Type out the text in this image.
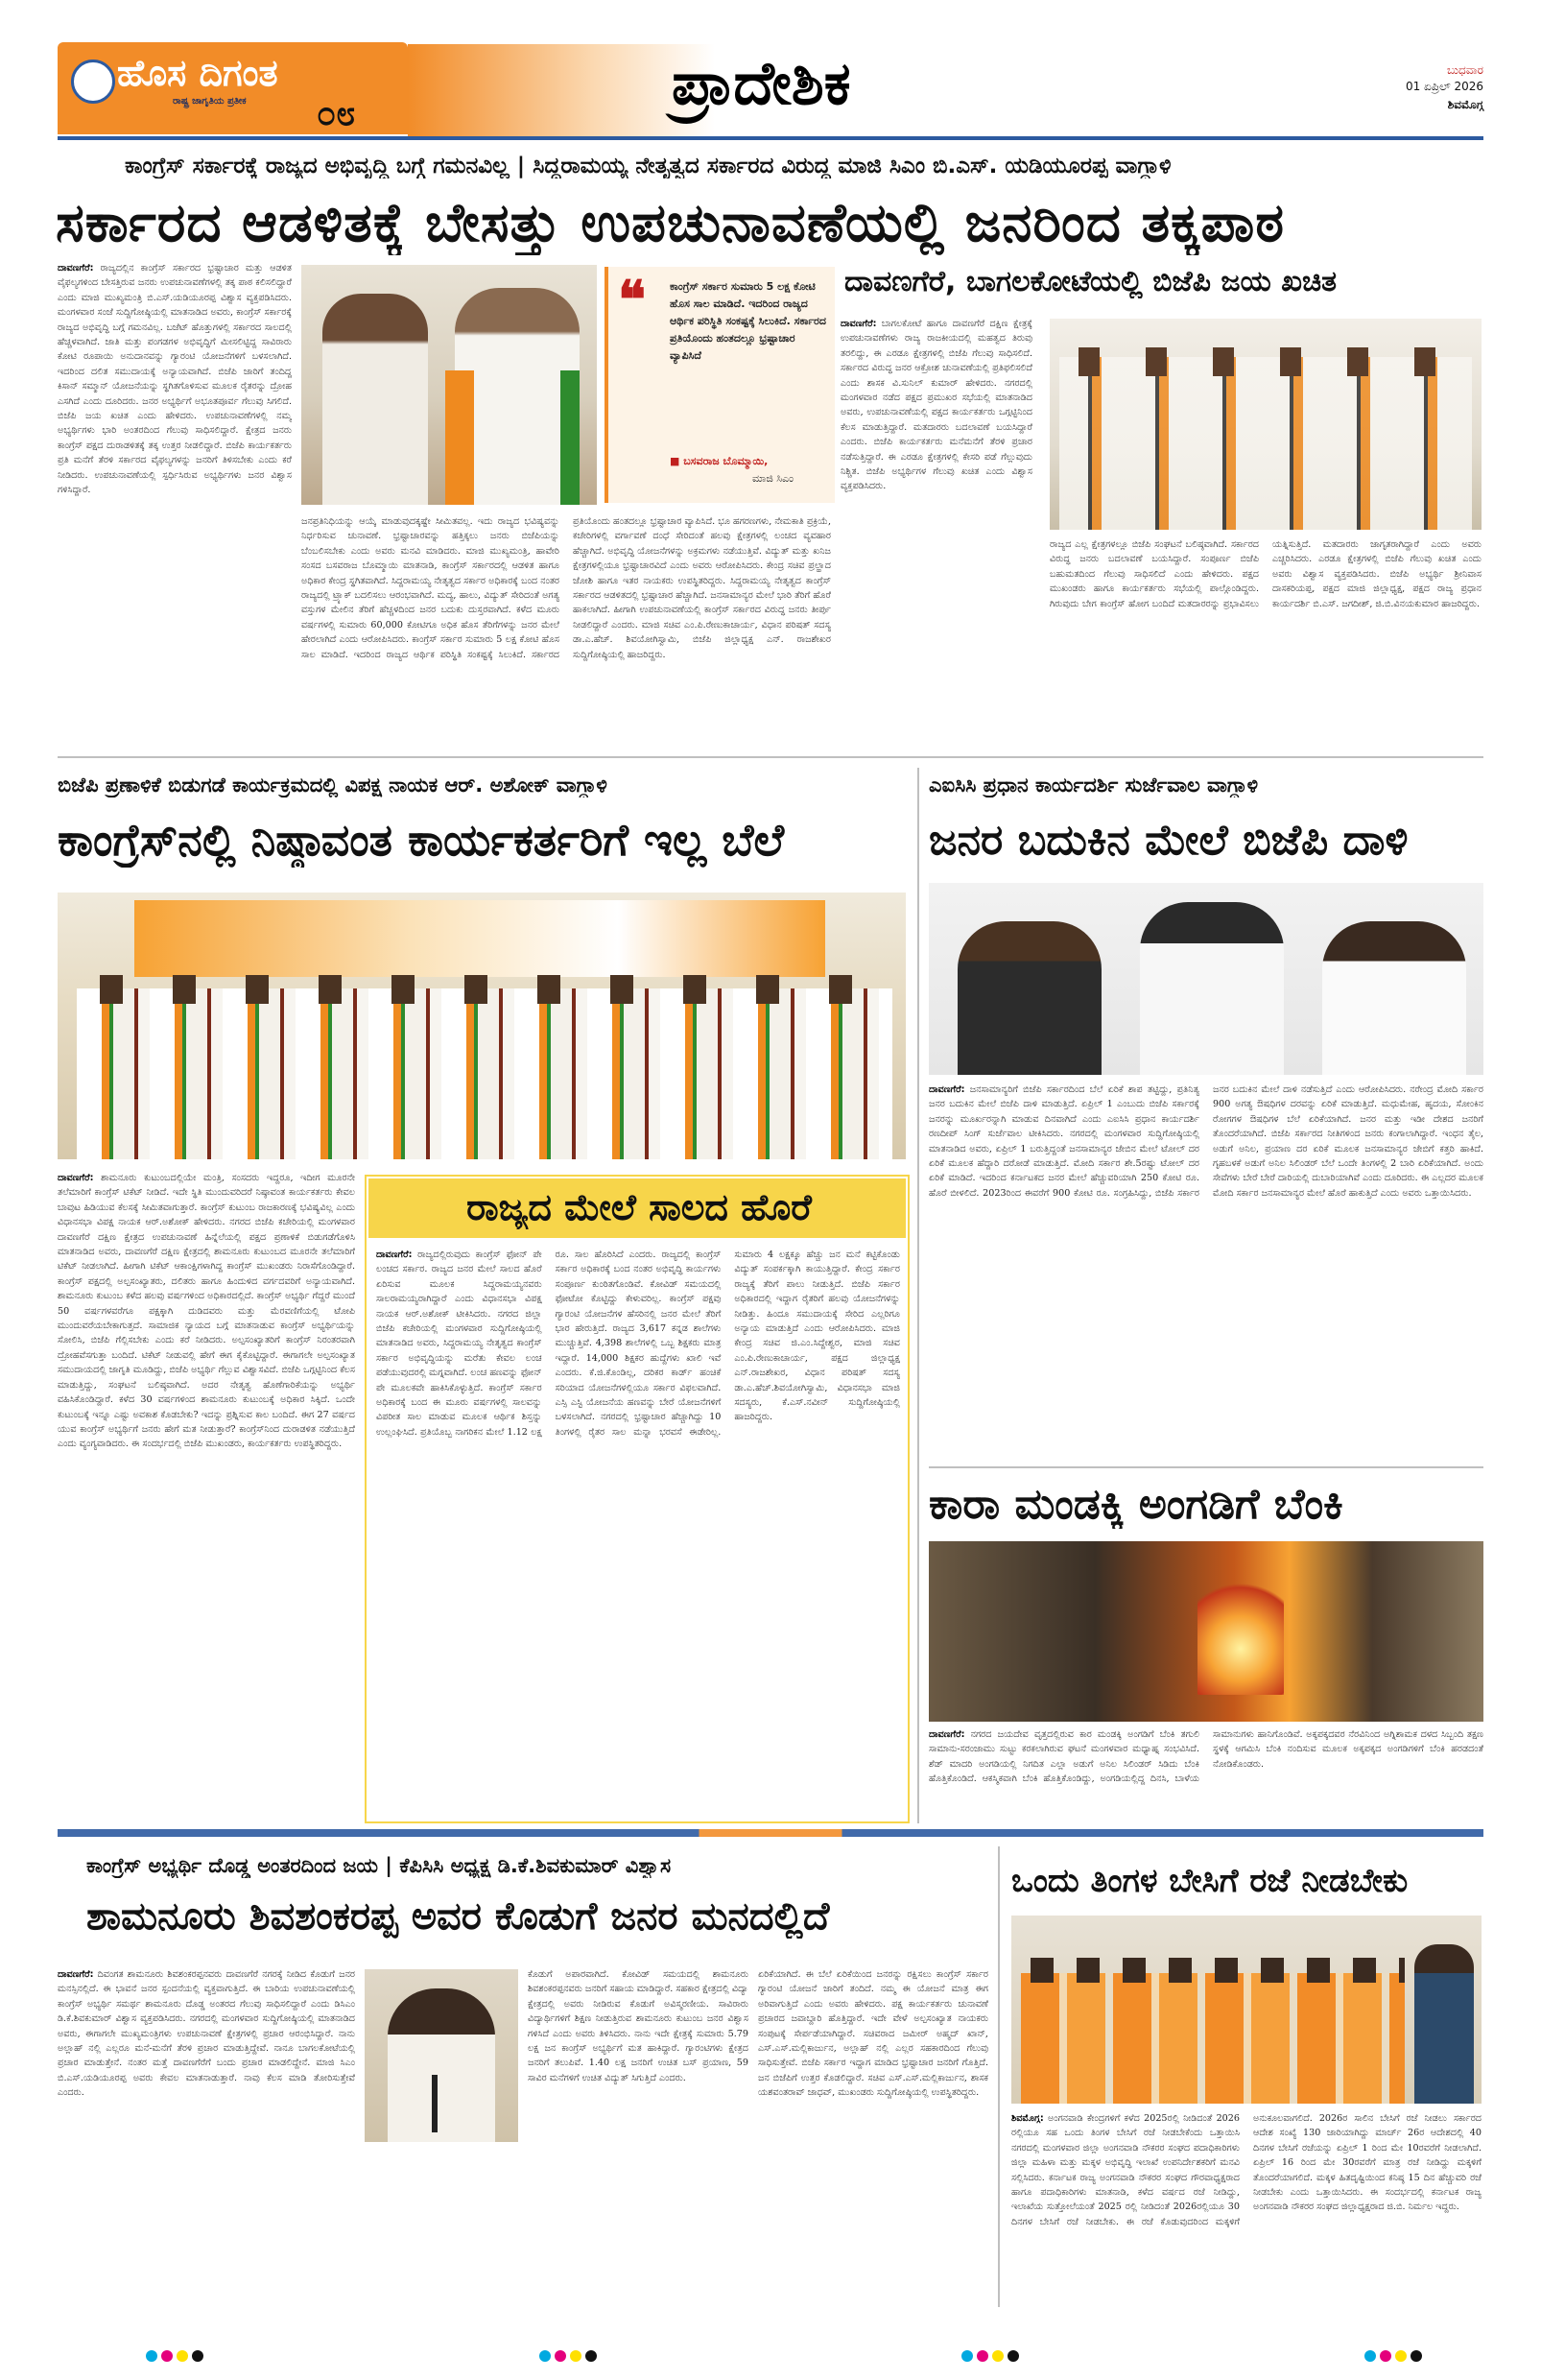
ಹೊಸ ದಿಗಂತ
ರಾಷ್ಟ್ರ ಜಾಗೃತಿಯ ಪ್ರತೀಕ ೦೮	ಪ್ರಾದೇಶಿಕ	ಬುಧವಾರ
01 ಏಪ್ರಿಲ್ 2026
ಶಿವಮೊಗ್ಗ
ಕಾಂಗ್ರೆಸ್ ಸರ್ಕಾರಕ್ಕೆ ರಾಜ್ಯದ ಅಭಿವೃದ್ಧಿ ಬಗ್ಗೆ ಗಮನವಿಲ್ಲ | ಸಿದ್ದರಾಮಯ್ಯ ನೇತೃತ್ವದ ಸರ್ಕಾರದ ವಿರುದ್ಧ ಮಾಜಿ ಸಿಎಂ ಬಿ.ಎಸ್. ಯಡಿಯೂರಪ್ಪ ವಾಗ್ದಾಳಿ
ಸರ್ಕಾರದ ಆಡಳಿತಕ್ಕೆ ಬೇಸತ್ತು ಉಪಚುನಾವಣೆಯಲ್ಲಿ ಜನರಿಂದ ತಕ್ಕಪಾಠ
ದಾವಣಗೆರೆ: ರಾಜ್ಯದಲ್ಲಿನ ಕಾಂಗ್ರೆಸ್ ಸರ್ಕಾರದ ಭ್ರಷ್ಟಾಚಾರ ಮತ್ತು ಆಡಳಿತ ವೈಫಲ್ಯಗಳಿಂದ ಬೇಸತ್ತಿರುವ ಜನರು ಉಪಚುನಾವಣೆಗಳಲ್ಲಿ ತಕ್ಕ ಪಾಠ ಕಲಿಸಲಿದ್ದಾರೆ ಎಂದು ಮಾಜಿ ಮುಖ್ಯಮಂತ್ರಿ ಬಿ.ಎಸ್.ಯಡಿಯೂರಪ್ಪ ವಿಶ್ವಾಸ ವ್ಯಕ್ತಪಡಿಸಿದರು. ಮಂಗಳವಾರ ಸಂಜೆ ಸುದ್ದಿಗೋಷ್ಠಿಯಲ್ಲಿ ಮಾತನಾಡಿದ ಅವರು, ಕಾಂಗ್ರೆಸ್ ಸರ್ಕಾರಕ್ಕೆ ರಾಜ್ಯದ ಅಭಿವೃದ್ಧಿ ಬಗ್ಗೆ ಗಮನವಿಲ್ಲ. ಬಜೆಟ್ ಹೊತ್ತುಗಳಲ್ಲಿ ಸರ್ಕಾರದ ಸಾಲದಲ್ಲಿ ಹೆಚ್ಚಳವಾಗಿದೆ. ಜಾತಿ ಮತ್ತು ಪಂಗಡಗಳ ಅಭಿವೃದ್ಧಿಗೆ ಮೀಸಲಿಟ್ಟಿದ್ದ ಸಾವಿರಾರು ಕೋಟಿ ರೂಪಾಯಿ ಅನುದಾನವನ್ನು ಗ್ಯಾರಂಟಿ ಯೋಜನೆಗಳಿಗೆ ಬಳಸಲಾಗಿದೆ. ಇದರಿಂದ ದಲಿತ ಸಮುದಾಯಕ್ಕೆ ಅನ್ಯಾಯವಾಗಿದೆ. ಬಿಜೆಪಿ ಜಾರಿಗೆ ತಂದಿದ್ದ ಕಿಸಾನ್ ಸಮ್ಮಾನ್ ಯೋಜನೆಯನ್ನು ಸ್ಥಗಿತಗೊಳಿಸುವ ಮೂಲಕ ರೈತರನ್ನು ದ್ರೋಹ ಎಸಗಿದೆ ಎಂದು ದೂರಿದರು. ಜನರ ಅಭ್ಯರ್ಥಿಗೆ ಅಭೂತಪೂರ್ವ ಗೆಲುವು ಸಿಗಲಿದೆ. ಬಿಜೆಪಿ ಜಯ ಖಚಿತ ಎಂದು ಹೇಳಿದರು. ಉಪಚುನಾವಣೆಗಳಲ್ಲಿ ನಮ್ಮ ಅಭ್ಯರ್ಥಿಗಳು ಭಾರಿ ಅಂತರದಿಂದ ಗೆಲುವು ಸಾಧಿಸಲಿದ್ದಾರೆ. ಕ್ಷೇತ್ರದ ಜನರು ಕಾಂಗ್ರೆಸ್ ಪಕ್ಷದ ದುರಾಡಳಿತಕ್ಕೆ ತಕ್ಕ ಉತ್ತರ ನೀಡಲಿದ್ದಾರೆ. ಬಿಜೆಪಿ ಕಾರ್ಯಕರ್ತರು ಪ್ರತಿ ಮನೆಗೆ ತೆರಳಿ ಸರ್ಕಾರದ ವೈಫಲ್ಯಗಳನ್ನು ಜನರಿಗೆ ತಿಳಿಸಬೇಕು ಎಂದು ಕರೆ ನೀಡಿದರು. ಉಪಚುನಾವಣೆಯಲ್ಲಿ ಸ್ಪರ್ಧಿಸಿರುವ ಅಭ್ಯರ್ಥಿಗಳು ಜನರ ವಿಶ್ವಾಸ ಗಳಿಸಿದ್ದಾರೆ.
❝ ಕಾಂಗ್ರೆಸ್ ಸರ್ಕಾರ ಸುಮಾರು 5 ಲಕ್ಷ ಕೋಟಿ ಹೊಸ ಸಾಲ ಮಾಡಿದೆ. ಇದರಿಂದ ರಾಜ್ಯದ ಆರ್ಥಿಕ ಪರಿಸ್ಥಿತಿ ಸಂಕಷ್ಟಕ್ಕೆ ಸಿಲುಕಿದೆ. ಸರ್ಕಾರದ ಪ್ರತಿಯೊಂದು ಹಂತದಲ್ಲೂ ಭ್ರಷ್ಟಾಚಾರ ವ್ಯಾಪಿಸಿದೆ
■ ಬಸವರಾಜ ಬೊಮ್ಮಾಯಿ,
ಮಾಜಿ ಸಿಎಂ
ಜನಪ್ರತಿನಿಧಿಯನ್ನು ಆಯ್ಕೆ ಮಾಡುವುದಕ್ಕಷ್ಟೇ ಸೀಮಿತವಲ್ಲ. ಇದು ರಾಜ್ಯದ ಭವಿಷ್ಯವನ್ನು ನಿರ್ಧರಿಸುವ ಚುನಾವಣೆ. ಭ್ರಷ್ಟಾಚಾರವನ್ನು ಹತ್ತಿಕ್ಕಲು ಜನರು ಬಿಜೆಪಿಯನ್ನು ಬೆಂಬಲಿಸಬೇಕು ಎಂದು ಅವರು ಮನವಿ ಮಾಡಿದರು. ಮಾಜಿ ಮುಖ್ಯಮಂತ್ರಿ, ಹಾವೇರಿ ಸಂಸದ ಬಸವರಾಜ ಬೊಮ್ಮಾಯಿ ಮಾತನಾಡಿ, ಕಾಂಗ್ರೆಸ್ ಸರ್ಕಾರದಲ್ಲಿ ಆಡಳಿತ ಹಾಗೂ ಅಧಿಕಾರ ಕೇಂದ್ರ ಸ್ಥಗಿತವಾಗಿದೆ. ಸಿದ್ದರಾಮಯ್ಯ ನೇತೃತ್ವದ ಸರ್ಕಾರ ಅಧಿಕಾರಕ್ಕೆ ಬಂದ ನಂತರ ರಾಜ್ಯದಲ್ಲಿ ಟ್ರ್ಯಾಕ್ ಬದಲಿಸಲು ಆರಂಭವಾಗಿದೆ. ಮದ್ಯ, ಹಾಲು, ವಿದ್ಯುತ್ ಸೇರಿದಂತೆ ಅಗತ್ಯ ವಸ್ತುಗಳ ಮೇಲಿನ ತೆರಿಗೆ ಹೆಚ್ಚಳದಿಂದ ಜನರ ಬದುಕು ದುಸ್ತರವಾಗಿದೆ. ಕಳೆದ ಮೂರು ವರ್ಷಗಳಲ್ಲಿ ಸುಮಾರು 60,000 ಕೋಟಿಗೂ ಅಧಿಕ ಹೊಸ ತೆರಿಗೆಗಳನ್ನು ಜನರ ಮೇಲೆ ಹೇರಲಾಗಿದೆ ಎಂದು ಆರೋಪಿಸಿದರು. ಕಾಂಗ್ರೆಸ್ ಸರ್ಕಾರ ಸುಮಾರು 5 ಲಕ್ಷ ಕೋಟಿ ಹೊಸ ಸಾಲ ಮಾಡಿದೆ. ಇದರಿಂದ ರಾಜ್ಯದ ಆರ್ಥಿಕ ಪರಿಸ್ಥಿತಿ ಸಂಕಷ್ಟಕ್ಕೆ ಸಿಲುಕಿದೆ. ಸರ್ಕಾರದ ಪ್ರತಿಯೊಂದು ಹಂತದಲ್ಲೂ ಭ್ರಷ್ಟಾಚಾರ ವ್ಯಾಪಿಸಿದೆ. ಭೂ ಹಗರಣಗಳು, ನೇಮಕಾತಿ ಪ್ರಕ್ರಿಯೆ, ಕಚೇರಿಗಳಲ್ಲಿ ವರ್ಗಾವಣೆ ದಂಧೆ ಸೇರಿದಂತೆ ಹಲವು ಕ್ಷೇತ್ರಗಳಲ್ಲಿ ಲಂಚದ ವ್ಯವಹಾರ ಹೆಚ್ಚಾಗಿದೆ. ಅಭಿವೃದ್ಧಿ ಯೋಜನೆಗಳನ್ನು ಅಕ್ರಮಗಳು ನಡೆಯುತ್ತಿವೆ. ವಿದ್ಯುತ್ ಮತ್ತು ಖನಿಜ ಕ್ಷೇತ್ರಗಳಲ್ಲಿಯೂ ಭ್ರಷ್ಟಾಚಾರವಿದೆ ಎಂದು ಅವರು ಆರೋಪಿಸಿದರು. ಕೇಂದ್ರ ಸಚಿವ ಪ್ರಲ್ಹಾದ ಜೋಶಿ ಹಾಗೂ ಇತರ ನಾಯಕರು ಉಪಸ್ಥಿತರಿದ್ದರು. ಸಿದ್ದರಾಮಯ್ಯ ನೇತೃತ್ವದ ಕಾಂಗ್ರೆಸ್ ಸರ್ಕಾರದ ಆಡಳಿತದಲ್ಲಿ ಭ್ರಷ್ಟಾಚಾರ ಹೆಚ್ಚಾಗಿದೆ. ಜನಸಾಮಾನ್ಯರ ಮೇಲೆ ಭಾರಿ ತೆರಿಗೆ ಹೊರೆ ಹಾಕಲಾಗಿದೆ. ಹೀಗಾಗಿ ಉಪಚುನಾವಣೆಯಲ್ಲಿ ಕಾಂಗ್ರೆಸ್ ಸರ್ಕಾರದ ವಿರುದ್ಧ ಜನರು ತೀರ್ಪು ನೀಡಲಿದ್ದಾರೆ ಎಂದರು. ಮಾಜಿ ಸಚಿವ ಎಂ.ಪಿ.ರೇಣುಕಾಚಾರ್ಯ, ವಿಧಾನ ಪರಿಷತ್ ಸದಸ್ಯ ಡಾ.ಎ.ಹೆಚ್. ಶಿವಯೋಗಿಸ್ವಾಮಿ, ಬಿಜೆಪಿ ಜಿಲ್ಲಾಧ್ಯಕ್ಷ ಎನ್. ರಾಜಶೇಖರ ಸುದ್ದಿಗೋಷ್ಠಿಯಲ್ಲಿ ಹಾಜರಿದ್ದರು.
ದಾವಣಗೆರೆ, ಬಾಗಲಕೋಟೆಯಲ್ಲಿ ಬಿಜೆಪಿ ಜಯ ಖಚಿತ
ದಾವಣಗೆರೆ: ಬಾಗಲಕೋಟೆ ಹಾಗೂ ದಾವಣಗೆರೆ ದಕ್ಷಿಣ ಕ್ಷೇತ್ರಕ್ಕೆ ಉಪಚುನಾವಣೆಗಳು ರಾಜ್ಯ ರಾಜಕೀಯದಲ್ಲಿ ಮಹತ್ವದ ತಿರುವು ತರಲಿದ್ದು, ಈ ಎರಡೂ ಕ್ಷೇತ್ರಗಳಲ್ಲಿ ಬಿಜೆಪಿ ಗೆಲುವು ಸಾಧಿಸಲಿದೆ. ಸರ್ಕಾರದ ವಿರುದ್ಧ ಜನರ ಆಕ್ರೋಶ ಚುನಾವಣೆಯಲ್ಲಿ ಪ್ರತಿಫಲಿಸಲಿದೆ ಎಂದು ಶಾಸಕ ವಿ.ಸುನಿಲ್ ಕುಮಾರ್ ಹೇಳಿದರು. ನಗರದಲ್ಲಿ ಮಂಗಳವಾರ ನಡೆದ ಪಕ್ಷದ ಪ್ರಮುಖರ ಸಭೆಯಲ್ಲಿ ಮಾತನಾಡಿದ ಅವರು, ಉಪಚುನಾವಣೆಯಲ್ಲಿ ಪಕ್ಷದ ಕಾರ್ಯಕರ್ತರು ಒಗ್ಗಟ್ಟಿನಿಂದ ಕೆಲಸ ಮಾಡುತ್ತಿದ್ದಾರೆ. ಮತದಾರರು ಬದಲಾವಣೆ ಬಯಸಿದ್ದಾರೆ ಎಂದರು. ಬಿಜೆಪಿ ಕಾರ್ಯಕರ್ತರು ಮನೆಮನೆಗೆ ತೆರಳಿ ಪ್ರಚಾರ ನಡೆಸುತ್ತಿದ್ದಾರೆ. ಈ ಎರಡೂ ಕ್ಷೇತ್ರಗಳಲ್ಲಿ ಕೇಸರಿ ಪಡೆ ಗೆಲ್ಲುವುದು ನಿಶ್ಚಿತ. ಬಿಜೆಪಿ ಅಭ್ಯರ್ಥಿಗಳ ಗೆಲುವು ಖಚಿತ ಎಂದು ವಿಶ್ವಾಸ ವ್ಯಕ್ತಪಡಿಸಿದರು.
ರಾಜ್ಯದ ಎಲ್ಲ ಕ್ಷೇತ್ರಗಳಲ್ಲೂ ಬಿಜೆಪಿ ಸಂಘಟನೆ ಬಲಿಷ್ಠವಾಗಿದೆ. ಸರ್ಕಾರದ ವಿರುದ್ಧ ಜನರು ಬದಲಾವಣೆ ಬಯಸಿದ್ದಾರೆ. ಸಂಪೂರ್ಣ ಬಿಜೆಪಿ ಬಹುಮತದಿಂದ ಗೆಲುವು ಸಾಧಿಸಲಿದೆ ಎಂದು ಹೇಳಿದರು. ಪಕ್ಷದ ಮುಖಂಡರು ಹಾಗೂ ಕಾರ್ಯಕರ್ತರು ಸಭೆಯಲ್ಲಿ ಪಾಲ್ಗೊಂಡಿದ್ದರು. ಗಿರುವುದು ಬೇಗ ಕಾಂಗ್ರೆಸ್ ಹೋಗ ಬಂದಿದೆ ಮತದಾರರನ್ನು ಪ್ರಭಾವಿಸಲು ಯತ್ನಿಸುತ್ತಿದೆ. ಮತದಾರರು ಜಾಗೃತರಾಗಿದ್ದಾರೆ ಎಂದು ಅವರು ಎಚ್ಚರಿಸಿದರು. ಎರಡೂ ಕ್ಷೇತ್ರಗಳಲ್ಲಿ ಬಿಜೆಪಿ ಗೆಲುವು ಖಚಿತ ಎಂದು ಅವರು ವಿಶ್ವಾಸ ವ್ಯಕ್ತಪಡಿಸಿದರು. ಬಿಜೆಪಿ ಅಭ್ಯರ್ಥಿ ಶ್ರೀನಿವಾಸ ದಾಸಕರಿಯಪ್ಪ, ಪಕ್ಷದ ಮಾಜಿ ಜಿಲ್ಲಾಧ್ಯಕ್ಷ, ಪಕ್ಷದ ರಾಜ್ಯ ಪ್ರಧಾನ ಕಾರ್ಯದರ್ಶಿ ಬಿ.ಎಸ್. ಜಗದೀಶ್, ಜಿ.ಬಿ.ವಿನಯಕುಮಾರ ಹಾಜರಿದ್ದರು.
ಬಿಜೆಪಿ ಪ್ರಣಾಳಿಕೆ ಬಿಡುಗಡೆ ಕಾರ್ಯಕ್ರಮದಲ್ಲಿ ವಿಪಕ್ಷ ನಾಯಕ ಆರ್. ಅಶೋಕ್ ವಾಗ್ದಾಳಿ
ಕಾಂಗ್ರೆಸ್‌ನಲ್ಲಿ ನಿಷ್ಠಾವಂತ ಕಾರ್ಯಕರ್ತರಿಗೆ ಇಲ್ಲ ಬೆಲೆ
ದಾವಣಗೆರೆ: ಶಾಮನೂರು ಕುಟುಂಬದಲ್ಲಿಯೇ ಮಂತ್ರಿ, ಸಂಸದರು ಇದ್ದರೂ, ಇದೀಗ ಮೂರನೇ ತಲೆಮಾರಿಗೆ ಕಾಂಗ್ರೆಸ್ ಟಿಕೆಟ್ ನೀಡಿದೆ. ಇದೇ ಸ್ಥಿತಿ ಮುಂದುವರಿದರೆ ನಿಷ್ಠಾವಂತ ಕಾರ್ಯಕರ್ತರು ಕೇವಲ ಬಾವುಟ ಹಿಡಿಯುವ ಕೆಲಸಕ್ಕೆ ಸೀಮಿತವಾಗುತ್ತಾರೆ. ಕಾಂಗ್ರೆಸ್ ಕುಟುಂಬ ರಾಜಕಾರಣಕ್ಕೆ ಭವಿಷ್ಯವಿಲ್ಲ ಎಂದು ವಿಧಾನಸಭಾ ವಿಪಕ್ಷ ನಾಯಕ ಆರ್.ಅಶೋಕ್ ಹೇಳಿದರು. ನಗರದ ಬಿಜೆಪಿ ಕಚೇರಿಯಲ್ಲಿ ಮಂಗಳವಾರ ದಾವಣಗೆರೆ ದಕ್ಷಿಣ ಕ್ಷೇತ್ರದ ಉಪಚುನಾವಣೆ ಹಿನ್ನೆಲೆಯಲ್ಲಿ ಪಕ್ಷದ ಪ್ರಣಾಳಿಕೆ ಬಿಡುಗಡೆಗೊಳಿಸಿ ಮಾತನಾಡಿದ ಅವರು, ದಾವಣಗೆರೆ ದಕ್ಷಿಣ ಕ್ಷೇತ್ರದಲ್ಲಿ ಶಾಮನೂರು ಕುಟುಂಬದ ಮೂರನೇ ತಲೆಮಾರಿಗೆ ಟಿಕೆಟ್ ನೀಡಲಾಗಿದೆ. ಹೀಗಾಗಿ ಟಿಕೆಟ್ ಆಕಾಂಕ್ಷಿಗಳಾಗಿದ್ದ ಕಾಂಗ್ರೆಸ್ ಮುಖಂಡರು ನಿರಾಸೆಗೊಂಡಿದ್ದಾರೆ. ಕಾಂಗ್ರೆಸ್ ಪಕ್ಷದಲ್ಲಿ ಅಲ್ಪಸಂಖ್ಯಾತರು, ದಲಿತರು ಹಾಗೂ ಹಿಂದುಳಿದ ವರ್ಗದವರಿಗೆ ಅನ್ಯಾಯವಾಗಿದೆ. ಶಾಮನೂರು ಕುಟುಂಬ ಕಳೆದ ಹಲವು ವರ್ಷಗಳಿಂದ ಅಧಿಕಾರದಲ್ಲಿದೆ. ಕಾಂಗ್ರೆಸ್ ಅಭ್ಯರ್ಥಿ ಗೆದ್ದರೆ ಮುಂದೆ 50 ವರ್ಷಗಳವರೆಗೂ ಪಕ್ಷಕ್ಕಾಗಿ ದುಡಿದವರು ಮತ್ತು ಮೆರವಣಿಗೆಯಲ್ಲಿ ಟೋಪಿ ಮುಂದುವರೆಯಬೇಕಾಗುತ್ತದೆ. ಸಾಮಾಜಿಕ ನ್ಯಾಯದ ಬಗ್ಗೆ ಮಾತನಾಡುವ ಕಾಂಗ್ರೆಸ್ ಅಭ್ಯರ್ಥಿಯನ್ನು ಸೋಲಿಸಿ, ಬಿಜೆಪಿ ಗೆಲ್ಲಿಸಬೇಕು ಎಂದು ಕರೆ ನೀಡಿದರು. ಅಲ್ಪಸಂಖ್ಯಾತರಿಗೆ ಕಾಂಗ್ರೆಸ್ ನಿರಂತರವಾಗಿ ದ್ರೋಹವೆಸಗುತ್ತಾ ಬಂದಿದೆ. ಟಿಕೆಟ್ ನೀಡುವಲ್ಲಿ ಹೇಗೆ ಈಗ ಕೈಕೊಟ್ಟಿದ್ದಾರೆ. ಈಗಾಗಲೇ ಅಲ್ಪಸಂಖ್ಯಾತ ಸಮುದಾಯದಲ್ಲಿ ಜಾಗೃತಿ ಮೂಡಿದ್ದು, ಬಿಜೆಪಿ ಅಭ್ಯರ್ಥಿ ಗೆಲ್ಲುವ ವಿಶ್ವಾಸವಿದೆ. ಬಿಜೆಪಿ ಒಗ್ಗಟ್ಟಿನಿಂದ ಕೆಲಸ ಮಾಡುತ್ತಿದ್ದು, ಸಂಘಟನೆ ಬಲಿಷ್ಠವಾಗಿದೆ. ಅದರ ನೇತೃತ್ವ ಹೊಣೆಗಾರಿಕೆಯನ್ನು ಅಭ್ಯರ್ಥಿ ವಹಿಸಿಕೊಂಡಿದ್ದಾರೆ. ಕಳೆದ 30 ವರ್ಷಗಳಿಂದ ಶಾಮನೂರು ಕುಟುಂಬಕ್ಕೆ ಅಧಿಕಾರ ಸಿಕ್ಕಿದೆ. ಒಂದೇ ಕುಟುಂಬಕ್ಕೆ ಇನ್ನೂ ಎಷ್ಟು ಅವಕಾಶ ಕೊಡಬೇಕು? ಇದನ್ನು ಪ್ರಶ್ನಿಸುವ ಕಾಲ ಬಂದಿದೆ. ಈಗ 27 ವರ್ಷದ ಯುವ ಕಾಂಗ್ರೆಸ್ ಅಭ್ಯರ್ಥಿಗೆ ಜನರು ಹೇಗೆ ಮತ ನೀಡುತ್ತಾರೆ? ಕಾಂಗ್ರೆಸ್‌ನಿಂದ ದುರಾಡಳಿತ ನಡೆಯುತ್ತಿದೆ ಎಂದು ವ್ಯಂಗ್ಯವಾಡಿದರು. ಈ ಸಂದರ್ಭದಲ್ಲಿ ಬಿಜೆಪಿ ಮುಖಂಡರು, ಕಾರ್ಯಕರ್ತರು ಉಪಸ್ಥಿತರಿದ್ದರು.
ರಾಜ್ಯದ ಮೇಲೆ ಸಾಲದ ಹೊರೆ
ದಾವಣಗೆರೆ: ರಾಜ್ಯದಲ್ಲಿರುವುದು ಕಾಂಗ್ರೆಸ್ ಫೋನ್ ಪೇ ಲಂಚದ ಸರ್ಕಾರ. ರಾಜ್ಯದ ಜನರ ಮೇಲೆ ಸಾಲದ ಹೊರೆ ಏರಿಸುವ ಮೂಲಕ ಸಿದ್ದರಾಮಯ್ಯನವರು ಸಾಲರಾಮಯ್ಯರಾಗಿದ್ದಾರೆ ಎಂದು ವಿಧಾನಸಭಾ ವಿಪಕ್ಷ ನಾಯಕ ಆರ್.ಅಶೋಕ್ ಟೀಕಿಸಿದರು. ನಗರದ ಜಿಲ್ಲಾ ಬಿಜೆಪಿ ಕಚೇರಿಯಲ್ಲಿ ಮಂಗಳವಾರ ಸುದ್ದಿಗೋಷ್ಠಿಯಲ್ಲಿ ಮಾತನಾಡಿದ ಅವರು, ಸಿದ್ದರಾಮಯ್ಯ ನೇತೃತ್ವದ ಕಾಂಗ್ರೆಸ್ ಸರ್ಕಾರ ಅಭಿವೃದ್ಧಿಯನ್ನು ಮರೆತು ಕೇವಲ ಲಂಚ ಪಡೆಯುವುದರಲ್ಲಿ ಮಗ್ನವಾಗಿದೆ. ಲಂಚ ಹಣವನ್ನು ಫೋನ್ ಪೇ ಮೂಲಕವೇ ಹಾಕಿಸಿಕೊಳ್ಳುತ್ತಿದೆ. ಕಾಂಗ್ರೆಸ್ ಸರ್ಕಾರ ಅಧಿಕಾರಕ್ಕೆ ಬಂದ ಈ ಮೂರು ವರ್ಷಗಳಲ್ಲಿ ಸಾಲವನ್ನು ವಿಪರೀತ ಸಾಲ ಮಾಡುವ ಮೂಲಕ ಆರ್ಥಿಕ ಶಿಸ್ತನ್ನು ಉಲ್ಲಂಘಿಸಿದೆ. ಪ್ರತಿಯೊಬ್ಬ ನಾಗರಿಕನ ಮೇಲೆ 1.12 ಲಕ್ಷ ರೂ. ಸಾಲ ಹೊರಿಸಿದೆ ಎಂದರು. ರಾಜ್ಯದಲ್ಲಿ ಕಾಂಗ್ರೆಸ್ ಸರ್ಕಾರ ಅಧಿಕಾರಕ್ಕೆ ಬಂದ ನಂತರ ಅಭಿವೃದ್ಧಿ ಕಾರ್ಯಗಳು ಸಂಪೂರ್ಣ ಕುಂಠಿತಗೊಂಡಿವೆ. ಕೋವಿಡ್ ಸಮಯದಲ್ಲಿ ಫೋಟೋ ಕೊಟ್ಟಿದ್ದು ಕೇಳುವರಿಲ್ಲ. ಕಾಂಗ್ರೆಸ್ ಪಕ್ಷವು ಗ್ಯಾರಂಟಿ ಯೋಜನೆಗಳ ಹೆಸರಿನಲ್ಲಿ ಜನರ ಮೇಲೆ ತೆರಿಗೆ ಭಾರ ಹೇರುತ್ತಿದೆ. ರಾಜ್ಯದ 3,617 ಕನ್ನಡ ಶಾಲೆಗಳು ಮುಚ್ಚುತ್ತಿವೆ. 4,398 ಶಾಲೆಗಳಲ್ಲಿ ಒಬ್ಬ ಶಿಕ್ಷಕರು ಮಾತ್ರ ಇದ್ದಾರೆ. 14,000 ಶಿಕ್ಷಕರ ಹುದ್ದೆಗಳು ಖಾಲಿ ಇವೆ ಎಂದರು. ಕೆ.ಜಿ.ಕೊಂಡಿಲ್ಲ, ದರಿಕರ ಕಾರ್ಡ್ ಹಂಚಿಕೆ ಸರಿಯಾದ ಯೋಜನೆಗಳಲ್ಲಿಯೂ ಸರ್ಕಾರ ವಿಫಲವಾಗಿದೆ. ಎಸ್ಸಿ ಎಸ್ಟಿ ಯೋಜನೆಯ ಹಣವನ್ನು ಬೇರೆ ಯೋಜನೆಗಳಿಗೆ ಬಳಸಲಾಗಿದೆ. ನಗರದಲ್ಲಿ ಭ್ರಷ್ಟಾಚಾರ ಹೆಚ್ಚಾಗಿದ್ದು 10 ತಿಂಗಳಲ್ಲಿ ರೈತರ ಸಾಲ ಮನ್ನಾ ಭರವಸೆ ಈಡೇರಿಲ್ಲ. ಸುಮಾರು 4 ಲಕ್ಷಕ್ಕೂ ಹೆಚ್ಚು ಜನ ಮನೆ ಕಟ್ಟಿಕೊಂಡು ವಿದ್ಯುತ್ ಸಂಪರ್ಕಕ್ಕಾಗಿ ಕಾಯುತ್ತಿದ್ದಾರೆ. ಕೇಂದ್ರ ಸರ್ಕಾರ ರಾಜ್ಯಕ್ಕೆ ತೆರಿಗೆ ಪಾಲು ನೀಡುತ್ತಿದೆ. ಬಿಜೆಪಿ ಸರ್ಕಾರ ಅಧಿಕಾರದಲ್ಲಿ ಇದ್ದಾಗ ರೈತರಿಗೆ ಹಲವು ಯೋಜನೆಗಳನ್ನು ನೀಡಿತ್ತು. ಹಿಂದೂ ಸಮುದಾಯಕ್ಕೆ ಸೇರಿದ ಎಲ್ಲರಿಗೂ ಅನ್ಯಾಯ ಮಾಡುತ್ತಿದೆ ಎಂದು ಆರೋಪಿಸಿದರು. ಮಾಜಿ ಕೇಂದ್ರ ಸಚಿವ ಜಿ.ಎಂ.ಸಿದ್ದೇಶ್ವರ, ಮಾಜಿ ಸಚಿವ ಎಂ.ಪಿ.ರೇಣುಕಾಚಾರ್ಯ, ಪಕ್ಷದ ಜಿಲ್ಲಾಧ್ಯಕ್ಷ ಎನ್.ರಾಜಶೇಖರ, ವಿಧಾನ ಪರಿಷತ್ ಸದಸ್ಯ ಡಾ.ಎ.ಹೆಚ್.ಶಿವಯೋಗಿಸ್ವಾಮಿ, ವಿಧಾನಸಭಾ ಮಾಜಿ ಸದಸ್ಯರು, ಕೆ.ಎಸ್.ನವೀನ್ ಸುದ್ದಿಗೋಷ್ಠಿಯಲ್ಲಿ ಹಾಜರಿದ್ದರು.
ಎಐಸಿಸಿ ಪ್ರಧಾನ ಕಾರ್ಯದರ್ಶಿ ಸುರ್ಜೆವಾಲ ವಾಗ್ದಾಳಿ
ಜನರ ಬದುಕಿನ ಮೇಲೆ ಬಿಜೆಪಿ ದಾಳಿ
ದಾವಣಗೆರೆ: ಜನಸಾಮಾನ್ಯರಿಗೆ ಬಿಜೆಪಿ ಸರ್ಕಾರದಿಂದ ಬೆಲೆ ಏರಿಕೆ ಶಾಪ ತಟ್ಟಿದ್ದು, ಪ್ರತಿನಿತ್ಯ ಜನರ ಬದುಕಿನ ಮೇಲೆ ಬಿಜೆಪಿ ದಾಳಿ ಮಾಡುತ್ತಿದೆ. ಏಪ್ರಿಲ್ 1 ಎಂಬುದು ಬಿಜೆಪಿ ಸರ್ಕಾರಕ್ಕೆ ಜನರನ್ನು ಮೂರ್ಖರನ್ನಾಗಿ ಮಾಡುವ ದಿನವಾಗಿದೆ ಎಂದು ಎಐಸಿಸಿ ಪ್ರಧಾನ ಕಾರ್ಯದರ್ಶಿ ರಣದೀಪ್ ಸಿಂಗ್ ಸುರ್ಜೆವಾಲ ಟೀಕಿಸಿದರು. ನಗರದಲ್ಲಿ ಮಂಗಳವಾರ ಸುದ್ದಿಗೋಷ್ಠಿಯಲ್ಲಿ ಮಾತನಾಡಿದ ಅವರು, ಏಪ್ರಿಲ್ 1 ಬರುತ್ತಿದ್ದಂತೆ ಜನಸಾಮಾನ್ಯರ ಜೇಬಿನ ಮೇಲೆ ಟೋಲ್ ದರ ಏರಿಕೆ ಮೂಲಕ ಹೆದ್ದಾರಿ ದರೋಡೆ ಮಾಡುತ್ತಿದೆ. ಮೋದಿ ಸರ್ಕಾರ ಶೇ.5ರಷ್ಟು ಟೋಲ್ ದರ ಏರಿಕೆ ಮಾಡಿದೆ. ಇದರಿಂದ ಕರ್ನಾಟಕದ ಜನರ ಮೇಲೆ ಹೆಚ್ಚುವರಿಯಾಗಿ 250 ಕೋಟಿ ರೂ. ಹೊರೆ ಬೀಳಲಿದೆ. 2023ರಿಂದ ಈವರೆಗೆ 900 ಕೋಟಿ ರೂ. ಸಂಗ್ರಹಿಸಿದ್ದು, ಬಿಜೆಪಿ ಸರ್ಕಾರ ಜನರ ಬದುಕಿನ ಮೇಲೆ ದಾಳಿ ನಡೆಸುತ್ತಿದೆ ಎಂದು ಆರೋಪಿಸಿದರು. ನರೇಂದ್ರ ಮೋದಿ ಸರ್ಕಾರ 900 ಅಗತ್ಯ ಔಷಧಿಗಳ ದರವನ್ನು ಏರಿಕೆ ಮಾಡುತ್ತಿದೆ. ಮಧುಮೇಹ, ಹೃದಯ, ಸೋಂಕಿನ ರೋಗಗಳ ಔಷಧಿಗಳ ಬೆಲೆ ಏರಿಕೆಯಾಗಿದೆ. ಜನರ ಮತ್ತು ಇಡೀ ದೇಶದ ಜನರಿಗೆ ತೊಂದರೆಯಾಗಿದೆ. ಬಿಜೆಪಿ ಸರ್ಕಾರದ ನೀತಿಗಳಿಂದ ಜನರು ಕಂಗಾಲಾಗಿದ್ದಾರೆ. ಇಂಧನ ತೈಲ, ಅಡುಗೆ ಅನಿಲ, ಪ್ರಯಾಣ ದರ ಏರಿಕೆ ಮೂಲಕ ಜನಸಾಮಾನ್ಯರ ಜೇಬಿಗೆ ಕತ್ತರಿ ಹಾಕಿದೆ. ಗೃಹಬಳಕೆ ಅಡುಗೆ ಅನಿಲ ಸಿಲಿಂಡರ್ ಬೆಲೆ ಒಂದೇ ತಿಂಗಳಲ್ಲಿ 2 ಬಾರಿ ಏರಿಕೆಯಾಗಿದೆ. ಅಂದು ಸೇವೆಗಳು ಬೇರೆ ಬೇರೆ ದಾರಿಯಲ್ಲಿ ದುಬಾರಿಯಾಗಿವೆ ಎಂದು ದೂರಿದರು. ಈ ಎಲ್ಲದರ ಮೂಲಕ ಮೋದಿ ಸರ್ಕಾರ ಜನಸಾಮಾನ್ಯರ ಮೇಲೆ ಹೊರೆ ಹಾಕುತ್ತಿದೆ ಎಂದು ಅವರು ಒತ್ತಾಯಿಸಿದರು.
ಕಾರಾ ಮಂಡಕ್ಕಿ ಅಂಗಡಿಗೆ ಬೆಂಕಿ
ದಾವಣಗೆರೆ: ನಗರದ ಜಯದೇವ ವೃತ್ತದಲ್ಲಿರುವ ಕಾರ ಮಂಡಕ್ಕಿ ಅಂಗಡಿಗೆ ಬೆಂಕಿ ತಗುಲಿ ಸಾಮಾನು-ಸರಂಜಾಮು ಸುಟ್ಟು ಕರಕಲಾಗಿರುವ ಘಟನೆ ಮಂಗಳವಾರ ಮಧ್ಯಾಹ್ನ ಸಂಭವಿಸಿದೆ. ಶೆಡ್ ಮಾದರಿ ಅಂಗಡಿಯಲ್ಲಿ ನಿಗದಿತ ಎಲ್ಲಾ ಅಡುಗೆ ಅನಿಲ ಸಿಲಿಂಡರ್ ಸಿಡಿದು ಬೆಂಕಿ ಹೊತ್ತಿಕೊಂಡಿದೆ. ಆಕಸ್ಮಿಕವಾಗಿ ಬೆಂಕಿ ಹೊತ್ತಿಕೊಂಡಿದ್ದು, ಅಂಗಡಿಯಲ್ಲಿದ್ದ ದಿನಸಿ, ಬಾಳೆಯ ಸಾಮಾನುಗಳು ಹಾನಿಗೊಂಡಿವೆ. ಅಕ್ಕಪಕ್ಕದವರ ನೆರವಿನಿಂದ ಅಗ್ನಿಶಾಮಕ ದಳದ ಸಿಬ್ಬಂದಿ ತಕ್ಷಣ ಸ್ಥಳಕ್ಕೆ ಆಗಮಿಸಿ ಬೆಂಕಿ ನಂದಿಸುವ ಮೂಲಕ ಅಕ್ಕಪಕ್ಕದ ಅಂಗಡಿಗಳಿಗೆ ಬೆಂಕಿ ಹರಡದಂತೆ ನೋಡಿಕೊಂಡರು.
ಕಾಂಗ್ರೆಸ್ ಅಭ್ಯರ್ಥಿ ದೊಡ್ಡ ಅಂತರದಿಂದ ಜಯ | ಕೆಪಿಸಿಸಿ ಅಧ್ಯಕ್ಷ ಡಿ.ಕೆ.ಶಿವಕುಮಾರ್ ವಿಶ್ವಾಸ
ಶಾಮನೂರು ಶಿವಶಂಕರಪ್ಪ ಅವರ ಕೊಡುಗೆ ಜನರ ಮನದಲ್ಲಿದೆ
ದಾವಣಗೆರೆ: ದಿವಂಗತ ಶಾಮನೂರು ಶಿವಶಂಕರಪ್ಪನವರು ದಾವಣಗೆರೆ ನಗರಕ್ಕೆ ನೀಡಿದ ಕೊಡುಗೆ ಜನರ ಮನಸ್ಸಿನಲ್ಲಿದೆ. ಈ ಭಾವನೆ ಜನರ ಸ್ಪಂದನೆಯಲ್ಲಿ ವ್ಯಕ್ತವಾಗುತ್ತಿದೆ. ಈ ಬಾರಿಯ ಉಪಚುನಾವಣೆಯಲ್ಲಿ ಕಾಂಗ್ರೆಸ್ ಅಭ್ಯರ್ಥಿ ಸಮರ್ಥ ಶಾಮನೂರು ದೊಡ್ಡ ಅಂತರದ ಗೆಲುವು ಸಾಧಿಸಲಿದ್ದಾರೆ ಎಂದು ಡಿಸಿಎಂ ಡಿ.ಕೆ.ಶಿವಕುಮಾರ್ ವಿಶ್ವಾಸ ವ್ಯಕ್ತಪಡಿಸಿದರು. ನಗರದಲ್ಲಿ ಮಂಗಳವಾರ ಸುದ್ದಿಗೋಷ್ಠಿಯಲ್ಲಿ ಮಾತನಾಡಿದ ಅವರು, ಈಗಾಗಲೇ ಮುಖ್ಯಮಂತ್ರಿಗಳು ಉಪಚುನಾವಣೆ ಕ್ಷೇತ್ರಗಳಲ್ಲಿ ಪ್ರಚಾರ ಆರಂಭಿಸಿದ್ದಾರೆ. ನಾನು ಅಲ್ಲಾಹ್ ನಲ್ಲಿ ಎಲ್ಲರೂ ಮನೆ-ಮನೆಗೆ ತೆರಳಿ ಪ್ರಚಾರ ಮಾಡುತ್ತಿದ್ದೇವೆ. ನಾನೂ ಬಾಗಲಕೋಟೆಯಲ್ಲಿ ಪ್ರಚಾರ ಮಾಡುತ್ತೇನೆ. ನಂತರ ಮತ್ತೆ ದಾವಣಗೆರೆಗೆ ಬಂದು ಪ್ರಚಾರ ಮಾಡಲಿದ್ದೇನೆ. ಮಾಜಿ ಸಿಎಂ ಬಿ.ಎಸ್.ಯಡಿಯೂರಪ್ಪ ಅವರು ಕೇವಲ ಮಾತನಾಡುತ್ತಾರೆ. ನಾವು ಕೆಲಸ ಮಾಡಿ ತೋರಿಸುತ್ತೇವೆ ಎಂದರು.
ಕೊಡುಗೆ ಅಪಾರವಾಗಿದೆ. ಕೋವಿಡ್ ಸಮಯದಲ್ಲಿ ಶಾಮನೂರು ಶಿವಶಂಕರಪ್ಪನವರು ಜನರಿಗೆ ಸಹಾಯ ಮಾಡಿದ್ದಾರೆ. ಸಹಕಾರ ಕ್ಷೇತ್ರದಲ್ಲಿ ವಿದ್ಯಾ ಕ್ಷೇತ್ರದಲ್ಲಿ ಅವರು ನೀಡಿರುವ ಕೊಡುಗೆ ಅವಿಸ್ಮರಣೀಯ. ಸಾವಿರಾರು ವಿದ್ಯಾರ್ಥಿಗಳಿಗೆ ಶಿಕ್ಷಣ ನೀಡುತ್ತಿರುವ ಶಾಮನೂರು ಕುಟುಂಬ ಜನರ ವಿಶ್ವಾಸ ಗಳಿಸಿದೆ ಎಂದು ಅವರು ತಿಳಿಸಿದರು. ನಾನು ಇದೇ ಕ್ಷೇತ್ರಕ್ಕೆ ಸುಮಾರು 5.79 ಲಕ್ಷ ಜನ ಕಾಂಗ್ರೆಸ್ ಅಭ್ಯರ್ಥಿಗೆ ಮತ ಹಾಕಿದ್ದಾರೆ. ಗ್ಯಾರಂಟಿಗಳು ಕ್ಷೇತ್ರದ ಜನರಿಗೆ ತಲುಪಿವೆ. 1.40 ಲಕ್ಷ ಜನರಿಗೆ ಉಚಿತ ಬಸ್ ಪ್ರಯಾಣ, 59 ಸಾವಿರ ಮನೆಗಳಿಗೆ ಉಚಿತ ವಿದ್ಯುತ್ ಸಿಗುತ್ತಿದೆ ಎಂದರು.
ಏರಿಕೆಯಾಗಿದೆ. ಈ ಬೆಲೆ ಏರಿಕೆಯಿಂದ ಜನರನ್ನು ರಕ್ಷಿಸಲು ಕಾಂಗ್ರೆಸ್ ಸರ್ಕಾರ ಗ್ಯಾರಂಟಿ ಯೋಜನೆ ಜಾರಿಗೆ ತಂದಿದೆ. ನಮ್ಮ ಈ ಯೋಜನೆ ಮಾತ್ರ ಈಗ ಅರಿವಾಗುತ್ತಿದೆ ಎಂದು ಅವರು ಹೇಳಿದರು. ಪಕ್ಷ ಕಾರ್ಯಕರ್ತರು ಚುನಾವಣೆ ಪ್ರಚಾರದ ಜವಾಬ್ದಾರಿ ಹೊತ್ತಿದ್ದಾರೆ. ಇದೇ ವೇಳೆ ಅಲ್ಪಸಂಖ್ಯಾತ ನಾಯಕರು ಸಂಪುಟಕ್ಕೆ ಸೇರ್ಪಡೆಯಾಗಿದ್ದಾರೆ. ಸಚಿವರಾದ ಜಮೀರ್ ಅಹ್ಮದ್ ಖಾನ್, ಎಸ್.ಎಸ್.ಮಲ್ಲಿಕಾರ್ಜುನ, ಅಲ್ಲಾಹ್ ನಲ್ಲಿ ಎಲ್ಲರ ಸಹಕಾರದಿಂದ ಗೆಲುವು ಸಾಧಿಸುತ್ತೇವೆ. ಬಿಜೆಪಿ ಸರ್ಕಾರ ಇದ್ದಾಗ ಮಾಡಿದ ಭ್ರಷ್ಟಾಚಾರ ಜನರಿಗೆ ಗೊತ್ತಿದೆ. ಜನ ಬಿಜೆಪಿಗೆ ಉತ್ತರ ಕೊಡಲಿದ್ದಾರೆ. ಸಚಿವ ಎಸ್.ಎಸ್.ಮಲ್ಲಿಕಾರ್ಜುನ, ಶಾಸಕ ಯಶವಂತರಾವ್ ಜಾಧವ್, ಮುಖಂಡರು ಸುದ್ದಿಗೋಷ್ಠಿಯಲ್ಲಿ ಉಪಸ್ಥಿತರಿದ್ದರು.
ಒಂದು ತಿಂಗಳ ಬೇಸಿಗೆ ರಜೆ ನೀಡಬೇಕು
ಶಿವಮೊಗ್ಗ: ಅಂಗನವಾಡಿ ಕೇಂದ್ರಗಳಿಗೆ ಕಳೆದ 2025ರಲ್ಲಿ ನೀಡಿದಂತೆ 2026 ರಲ್ಲಿಯೂ ಸಹ ಒಂದು ತಿಂಗಳ ಬೇಸಿಗೆ ರಜೆ ನೀಡಬೇಕೆಂದು ಒತ್ತಾಯಿಸಿ ನಗರದಲ್ಲಿ ಮಂಗಳವಾರ ಜಿಲ್ಲಾ ಅಂಗನವಾಡಿ ನೌಕರರ ಸಂಘದ ಪದಾಧಿಕಾರಿಗಳು ಜಿಲ್ಲಾ ಮಹಿಳಾ ಮತ್ತು ಮಕ್ಕಳ ಅಭಿವೃದ್ಧಿ ಇಲಾಖೆ ಉಪನಿರ್ದೇಶಕರಿಗೆ ಮನವಿ ಸಲ್ಲಿಸಿದರು. ಕರ್ನಾಟಕ ರಾಜ್ಯ ಅಂಗನವಾಡಿ ನೌಕರರ ಸಂಘದ ಗೌರವಾಧ್ಯಕ್ಷರಾದ ಹಾಗೂ ಪದಾಧಿಕಾರಿಗಳು ಮಾತನಾಡಿ, ಕಳೆದ ವರ್ಷದ ರಜೆ ನೀಡಿದ್ದು, ಇಲಾಖೆಯ ಸುತ್ತೋಲೆಯಂತೆ 2025 ರಲ್ಲಿ ನೀಡಿದಂತೆ 2026ರಲ್ಲಿಯೂ 30 ದಿನಗಳ ಬೇಸಿಗೆ ರಜೆ ನೀಡಬೇಕು. ಈ ರಜೆ ಕೊಡುವುದರಿಂದ ಮಕ್ಕಳಿಗೆ ಅನುಕೂಲವಾಗಲಿದೆ. 2026ರ ಸಾಲಿನ ಬೇಸಿಗೆ ರಜೆ ನೀಡಲು ಸರ್ಕಾರದ ಆದೇಶ ಸಂಖ್ಯೆ 130 ಜಾರಿಯಾಗಿದ್ದು ಮಾರ್ಚ್ 26ರ ಆದೇಶದಲ್ಲಿ 40 ದಿನಗಳ ಬೇಸಿಗೆ ರಜೆಯನ್ನು ಏಪ್ರಿಲ್ 1 ರಿಂದ ಮೇ 10ರವರೆಗೆ ನೀಡಲಾಗಿದೆ. ಏಪ್ರಿಲ್ 16 ರಿಂದ ಮೇ 30ರವರೆಗೆ ಮಾತ್ರ ರಜೆ ನೀಡಿದ್ದು ಮಕ್ಕಳಿಗೆ ತೊಂದರೆಯಾಗಲಿದೆ. ಮಕ್ಕಳ ಹಿತದೃಷ್ಟಿಯಿಂದ ಕನಿಷ್ಠ 15 ದಿನ ಹೆಚ್ಚುವರಿ ರಜೆ ನೀಡಬೇಕು ಎಂದು ಒತ್ತಾಯಿಸಿದರು. ಈ ಸಂದರ್ಭದಲ್ಲಿ ಕರ್ನಾಟಕ ರಾಜ್ಯ ಅಂಗನವಾಡಿ ನೌಕರರ ಸಂಘದ ಜಿಲ್ಲಾಧ್ಯಕ್ಷರಾದ ಜಿ.ಬಿ. ನಿರ್ಮಲ ಇದ್ದರು.
